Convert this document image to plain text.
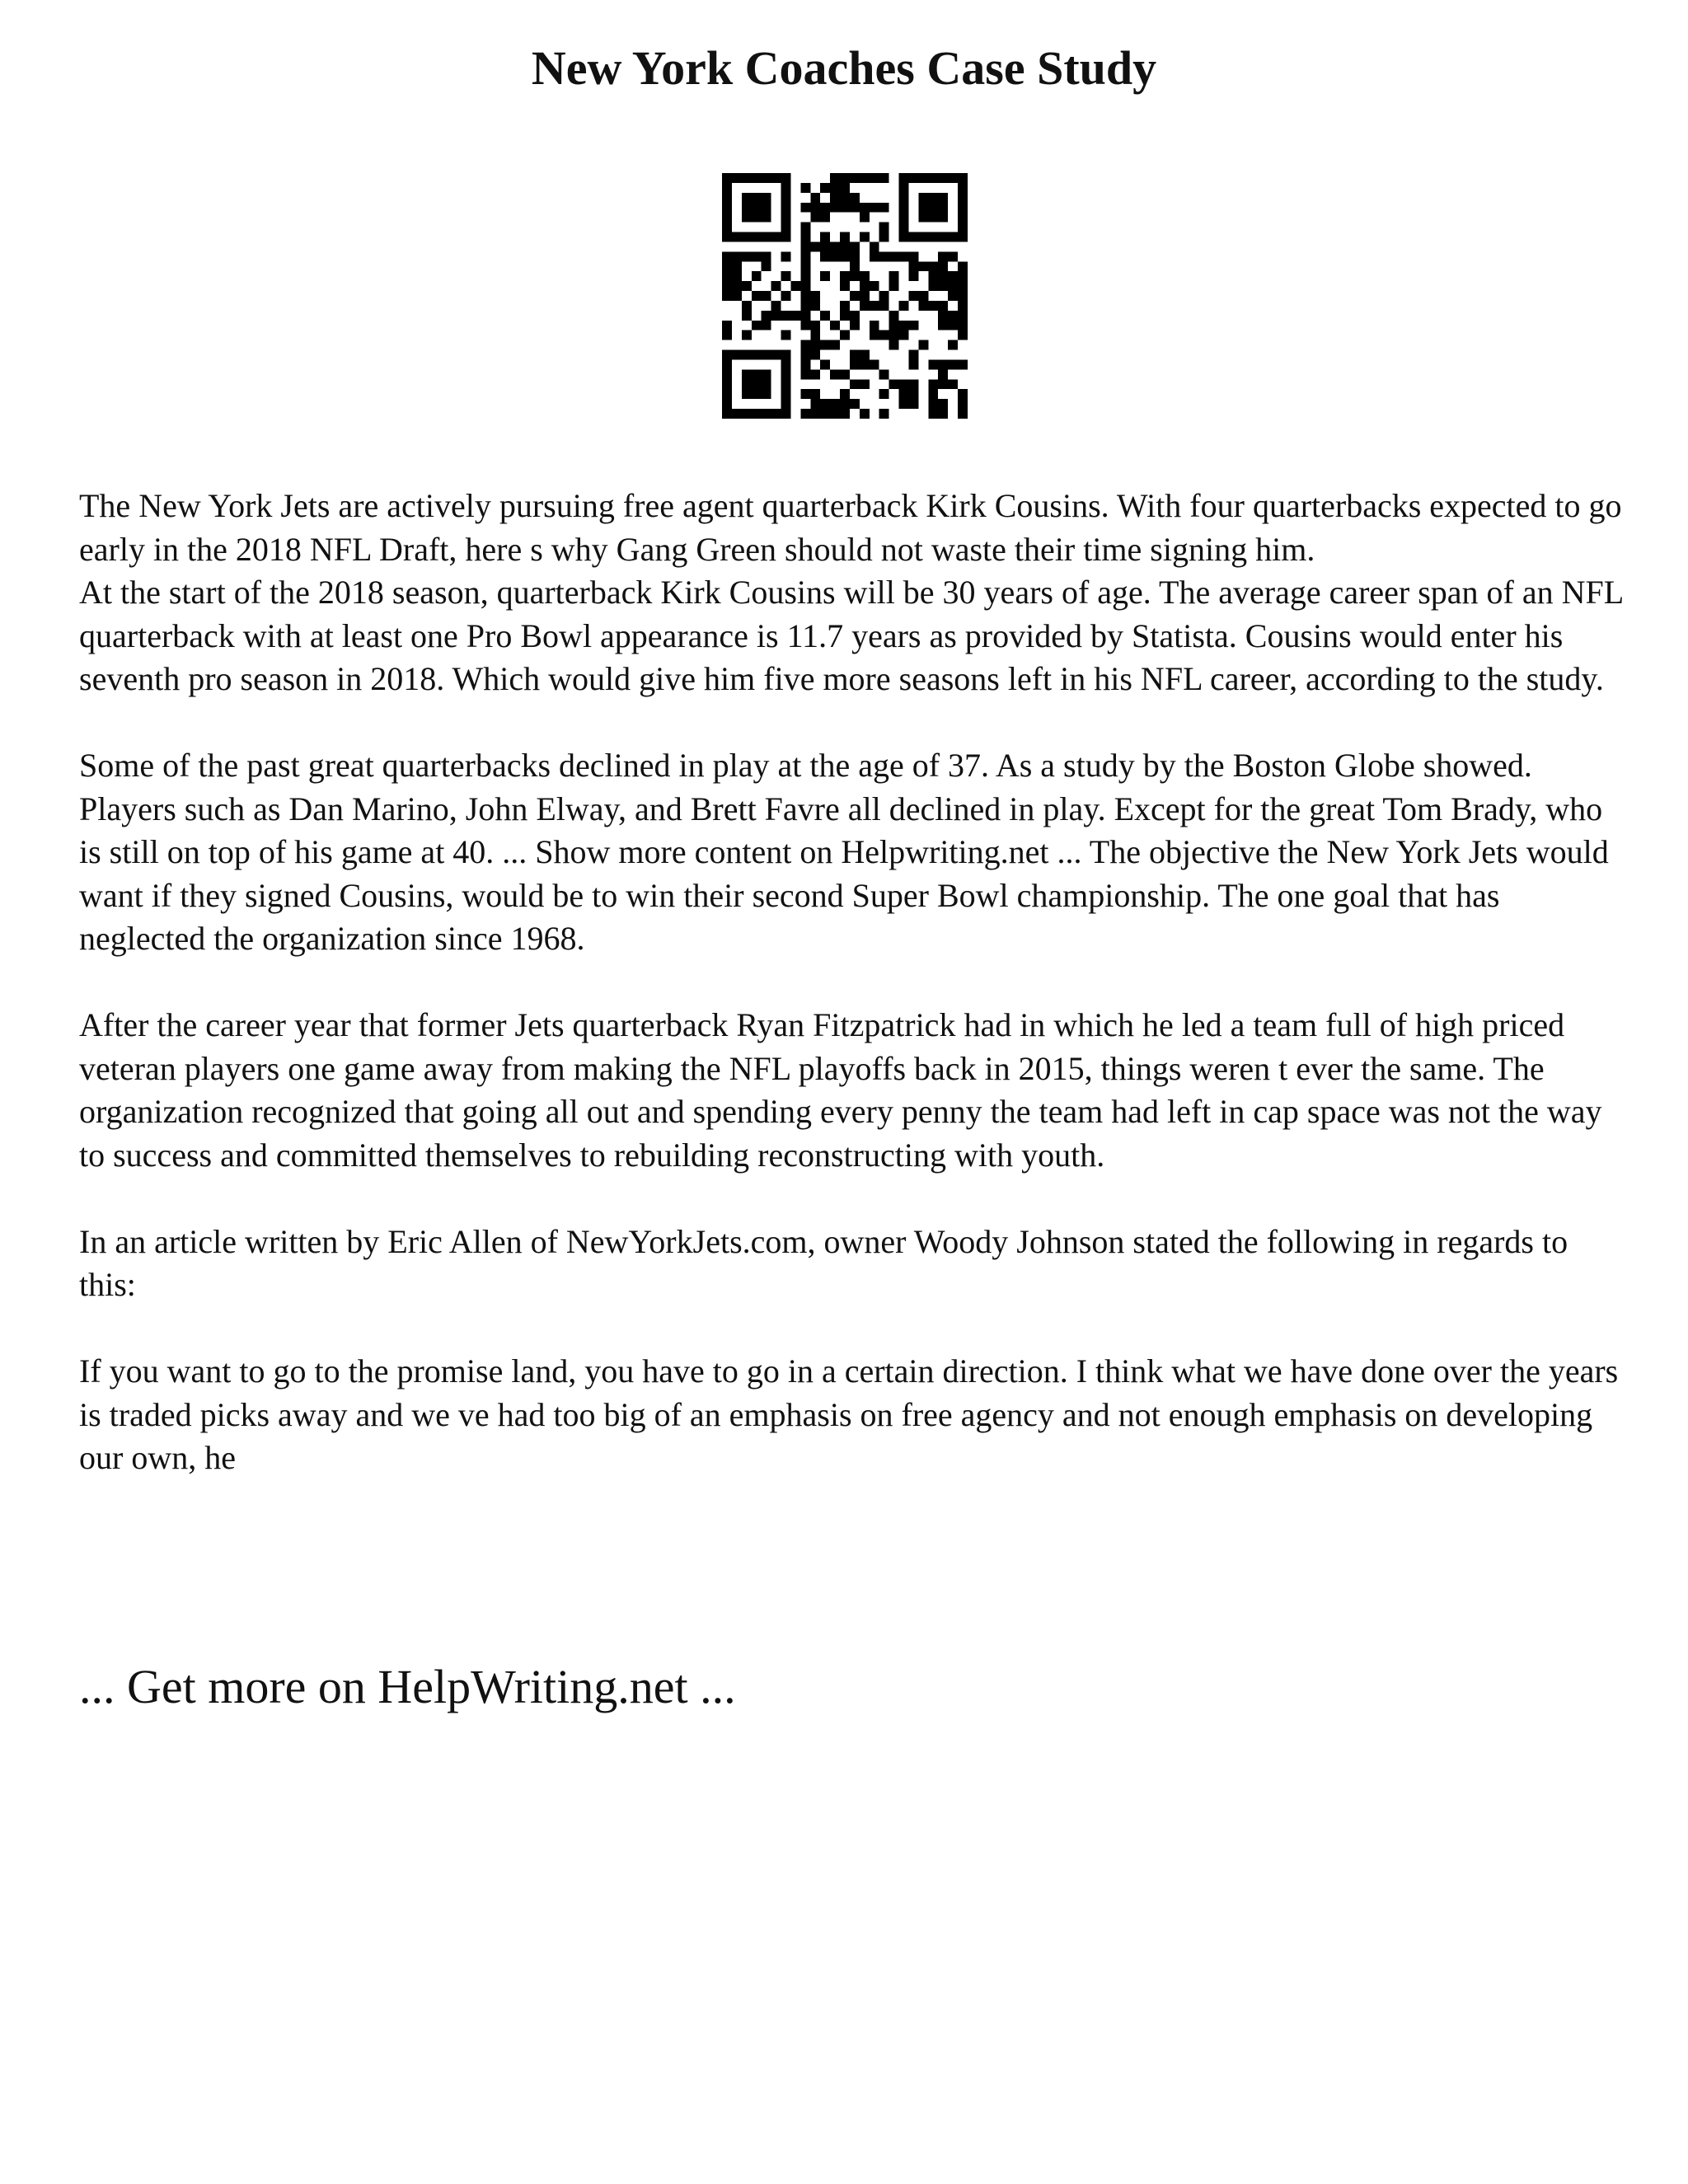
New York Coaches Case Study

The New York Jets are actively pursuing free agent quarterback Kirk Cousins. With four quarterbacks expected to go early in the 2018 NFL Draft, here s why Gang Green should not waste their time signing him.

At the start of the 2018 season, quarterback Kirk Cousins will be 30 years of age. The average career span of an NFL quarterback with at least one Pro Bowl appearance is 11.7 years as provided by Statista. Cousins would enter his seventh pro season in 2018. Which would give him five more seasons left in his NFL career, according to the study.

Some of the past great quarterbacks declined in play at the age of 37. As a study by the Boston Globe showed. Players such as Dan Marino, John Elway, and Brett Favre all declined in play. Except for the great Tom Brady, who is still on top of his game at 40. ... Show more content on Helpwriting.net ... The objective the New York Jets would want if they signed Cousins, would be to win their second Super Bowl championship. The one goal that has neglected the organization since 1968.

After the career year that former Jets quarterback Ryan Fitzpatrick had in which he led a team full of high priced veteran players one game away from making the NFL playoffs back in 2015, things weren t ever the same. The organization recognized that going all out and spending every penny the team had left in cap space was not the way to success and committed themselves to rebuilding reconstructing with youth.

In an article written by Eric Allen of NewYorkJets.com, owner Woody Johnson stated the following in regards to this:

If you want to go to the promise land, you have to go in a certain direction. I think what we have done over the years is traded picks away and we ve had too big of an emphasis on free agency and not enough emphasis on developing our own, he

... Get more on HelpWriting.net ...
